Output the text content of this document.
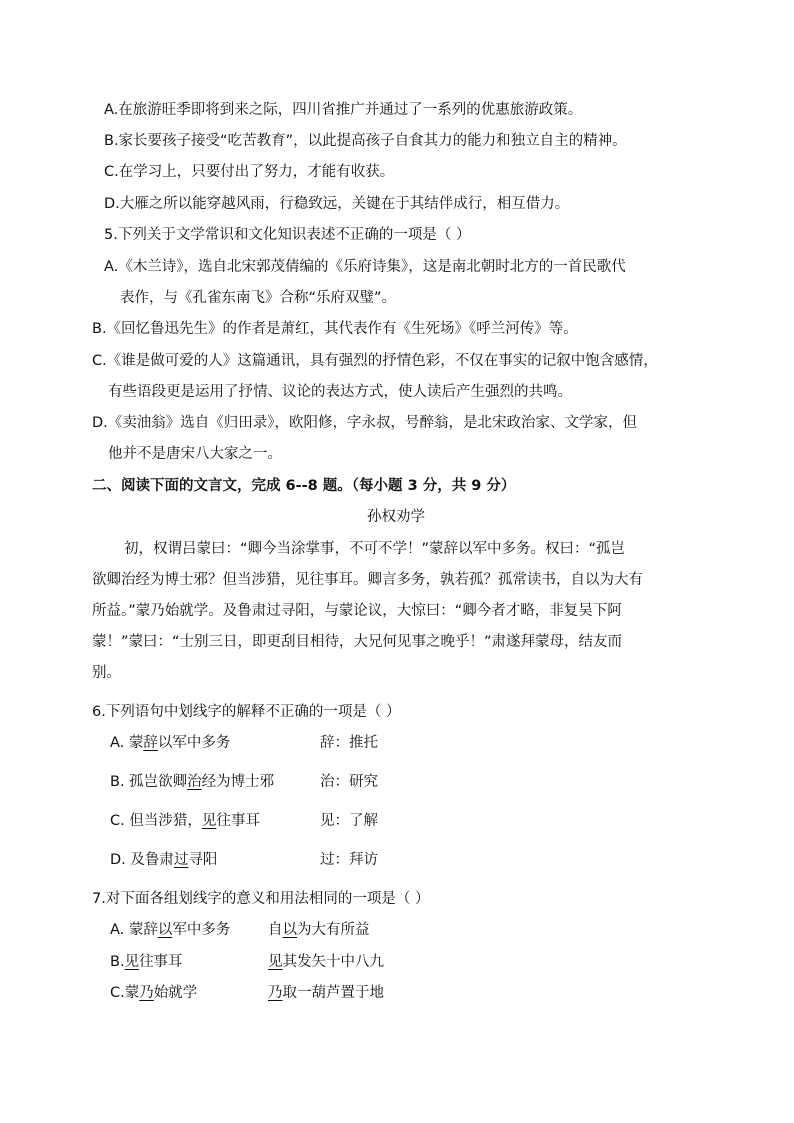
A.在旅游旺季即将到来之际，四川省推广并通过了一系列的优惠旅游政策。
B.家长要孩子接受“吃苦教育”，以此提高孩子自食其力的能力和独立自主的精神。
C.在学习上，只要付出了努力，才能有收获。
D.大雁之所以能穿越风雨，行稳致远，关键在于其结伴成行，相互借力。
5.下列关于文学常识和文化知识表述不正确的一项是（ ）
A.《木兰诗》，选自北宋郭茂倩编的《乐府诗集》，这是南北朝时北方的一首民歌代
表作，与《孔雀东南飞》合称“乐府双璧”。
B.《回忆鲁迅先生》的作者是萧红，其代表作有《生死场》《呼兰河传》等。
C.《谁是做可爱的人》这篇通讯，具有强烈的抒情色彩，不仅在事实的记叙中饱含感情，
有些语段更是运用了抒情、议论的表达方式，使人读后产生强烈的共鸣。
D.《卖油翁》选自《归田录》，欧阳修，字永叔，号醉翁，是北宋政治家、文学家，但
他并不是唐宋八大家之一。
二、阅读下面的文言文，完成 6--8 题。（每小题 3 分，共 9 分）
孙权劝学
初，权谓吕蒙曰：“卿今当涂掌事，不可不学！”蒙辞以军中多务。权曰：“孤岂
欲卿治经为博士邪？但当涉猎，见往事耳。卿言多务，孰若孤？孤常读书，自以为大有
所益。”蒙乃始就学。及鲁肃过寻阳，与蒙论议，大惊曰：“卿今者才略，非复吴下阿
蒙！”蒙曰：“士别三日，即更刮目相待，大兄何见事之晚乎！”肃遂拜蒙母，结友而
别。
6.下列语句中划线字的解释不正确的一项是（ ）
A. 蒙辞以军中多务	辞：推托
B. 孤岂欲卿治经为博士邪	治：研究
C. 但当涉猎，见往事耳	见：了解
D. 及鲁肃过寻阳	过：拜访
7.对下面各组划线字的意义和用法相同的一项是（ ）
A. 蒙辞以军中多务	自以为大有所益
B.见往事耳	见其发矢十中八九
C.蒙乃始就学	乃取一葫芦置于地
